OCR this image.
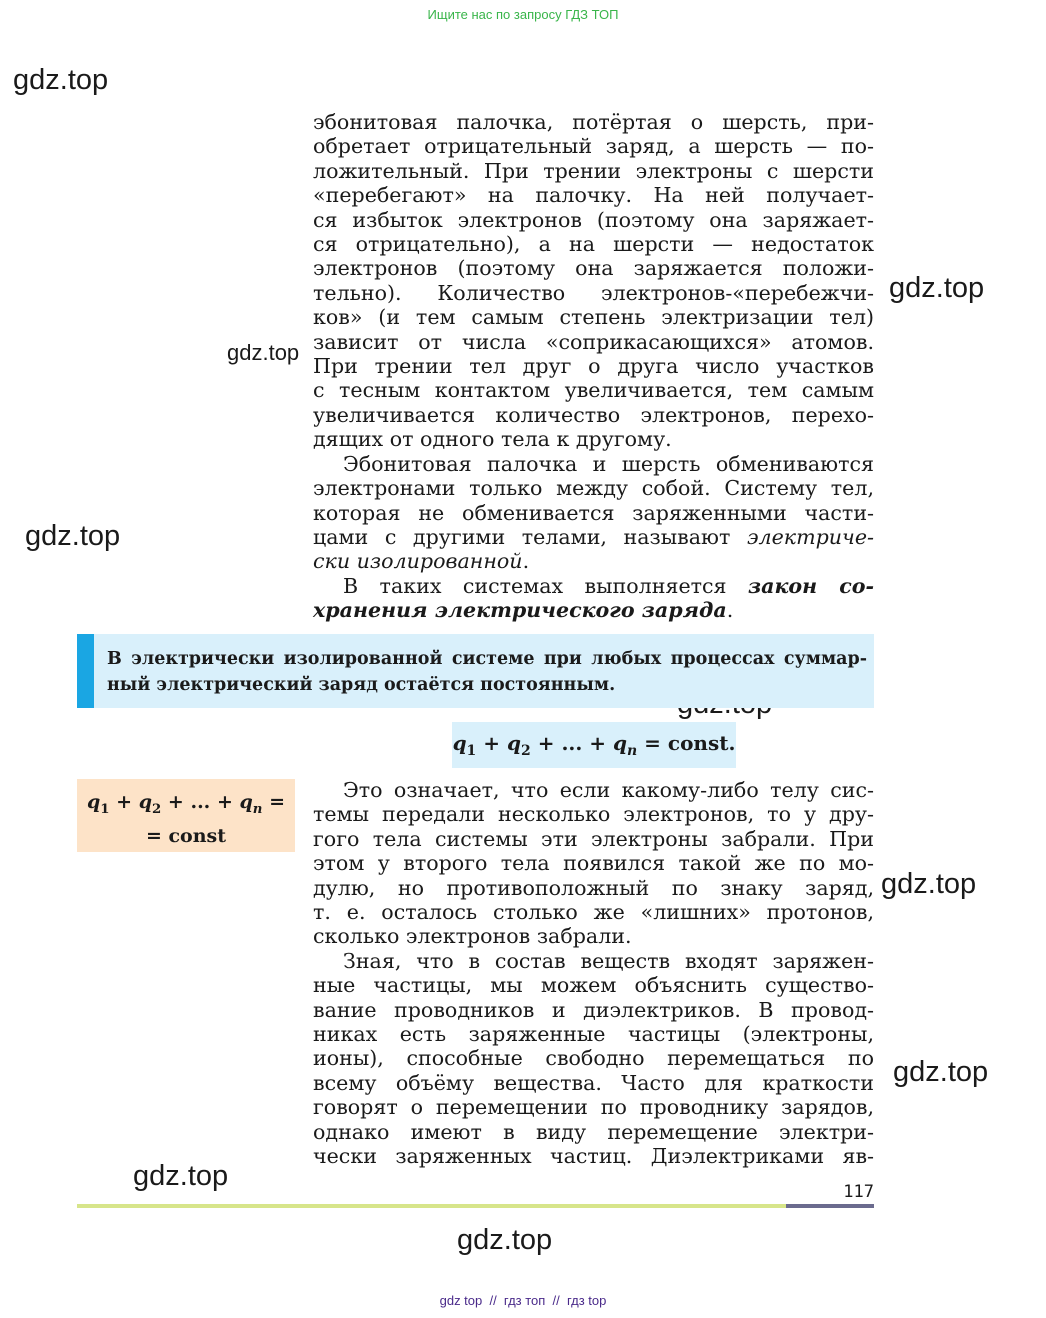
Ищите нас по запросу ГДЗ ТОП
gdz.top
gdz.top
gdz.top
gdz.top
gdz.top
gdz.top
gdz.top
gdz.top

эбонитовая палочка, потёртая о шерсть, при-

обретает отрицательный заряд, а шерсть — по-

ложительный. При трении электроны с шерсти

«перебегают» на палочку. На ней получает-

ся избыток электронов (поэтому она заряжает-

ся отрицательно), а на шерсти — недостаток

электронов (поэтому она заряжается положи-

тельно). Количество электронов-«перебежчи-

ков» (и тем самым степень электризации тел)

зависит от числа «соприкасающихся» атомов.

При трении тел друг о друга число участков

с тесным контактом увеличивается, тем самым

увеличивается количество электронов, перехо-

дящих от одного тела к другому.

Эбонитовая палочка и шерсть обмениваются

электронами только между собой. Систему тел,

которая не обменивается заряженными части-

цами с другими телами, называют электриче-

ски изолированной.

В таких системах выполняется закон со-

хранения электрического заряда.

В электрически изолированной системе при любых процессах суммар-
ный электрический заряд остаётся постоянным.
$q_1 + q_2$ + ... + $q_n$ = const.
$q_1 + q_2$ + ... + $q_n$ =
= const

Это означает, что если какому-либо телу сис-

темы передали несколько электронов, то у дру-

гого тела системы эти электроны забрали. При

этом у второго тела появился такой же по мо-

дулю, но противоположный по знаку заряд,

т. е. осталось столько же «лишних» протонов,

сколько электронов забрали.

Зная, что в состав веществ входят заряжен-

ные частицы, мы можем объяснить существо-

вание проводников и диэлектриков. В провод-

никах есть заряженные частицы (электроны,

ионы), способные свободно перемещаться по

всему объёму вещества. Часто для краткости

говорят о перемещении по проводнику зарядов,

однако имеют в виду перемещение электри-

чески заряженных частиц. Диэлектриками яв-

117
gdz top  //  гдз топ  //  гдз top
